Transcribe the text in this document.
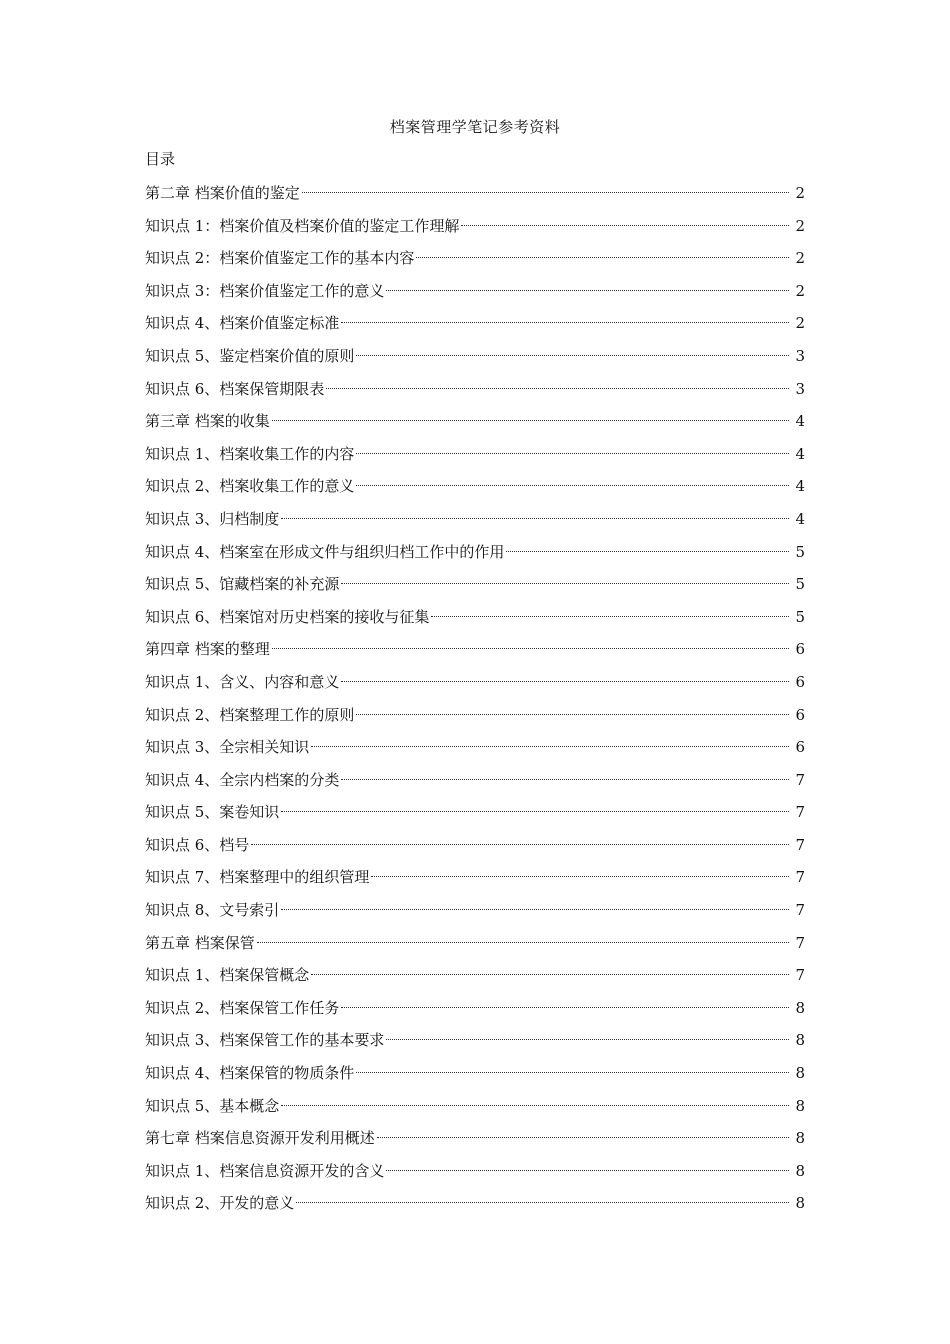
档案管理学笔记参考资料
目录
第二章 档案价值的鉴定	2
知识点 1：档案价值及档案价值的鉴定工作理解	2
知识点 2：档案价值鉴定工作的基本内容	2
知识点 3：档案价值鉴定工作的意义	2
知识点 4、档案价值鉴定标准	2
知识点 5、鉴定档案价值的原则	3
知识点 6、档案保管期限表	3
第三章 档案的收集	4
知识点 1、档案收集工作的内容	4
知识点 2、档案收集工作的意义	4
知识点 3、归档制度	4
知识点 4、档案室在形成文件与组织归档工作中的作用	5
知识点 5、馆藏档案的补充源	5
知识点 6、档案馆对历史档案的接收与征集	5
第四章 档案的整理	6
知识点 1、含义、内容和意义	6
知识点 2、档案整理工作的原则	6
知识点 3、全宗相关知识	6
知识点 4、全宗内档案的分类	7
知识点 5、案卷知识	7
知识点 6、档号	7
知识点 7、档案整理中的组织管理	7
知识点 8、文号索引	7
第五章 档案保管	7
知识点 1、档案保管概念	7
知识点 2、档案保管工作任务	8
知识点 3、档案保管工作的基本要求	8
知识点 4、档案保管的物质条件	8
知识点 5、基本概念	8
第七章 档案信息资源开发利用概述	8
知识点 1、档案信息资源开发的含义	8
知识点 2、开发的意义	8
